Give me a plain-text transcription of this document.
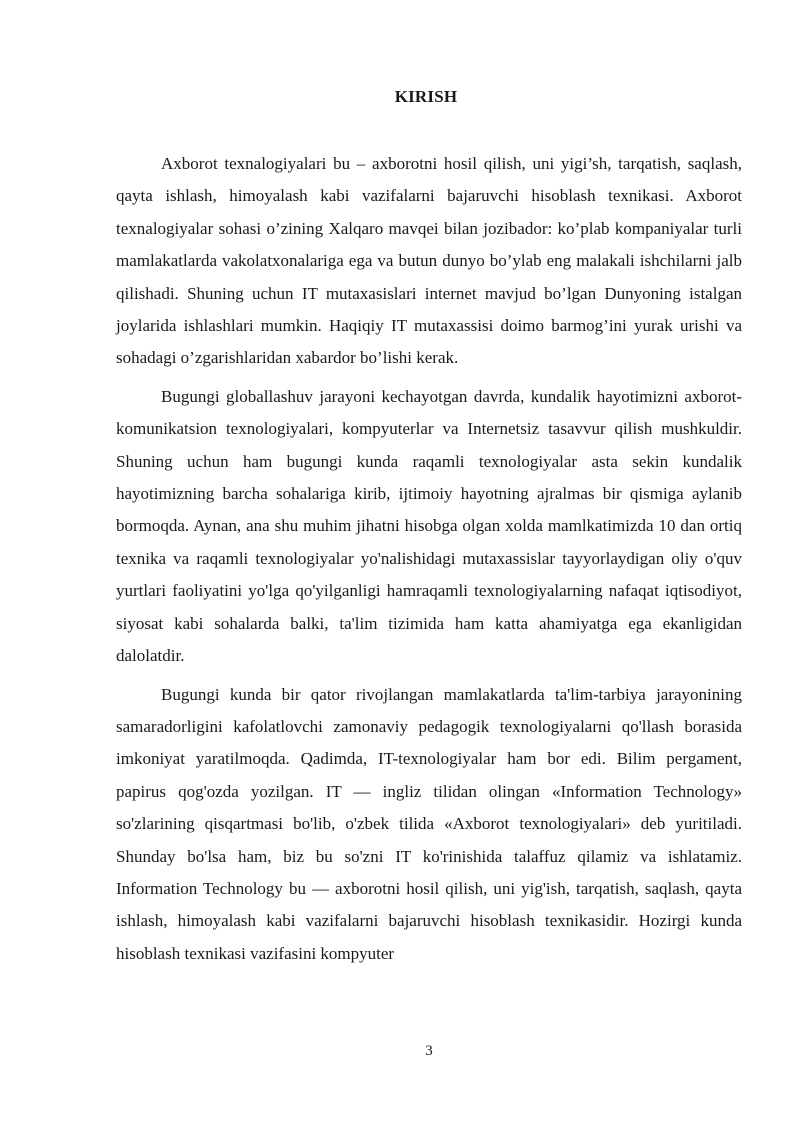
KIRISH

Axborot texnalogiyalari bu – axborotni hosil qilish, uni yigi’sh, tarqatish, saqlash, qayta ishlash, himoyalash kabi vazifalarni bajaruvchi hisoblash texnikasi. Axborot texnalogiyalar sohasi o’zining Xalqaro mavqei bilan jozibador: ko’plab kompaniyalar turli mamlakatlarda vakolatxonalariga ega va butun dunyo bo’ylab eng malakali ishchilarni jalb qilishadi. Shuning uchun IT mutaxasislari internet mavjud bo’lgan Dunyoning istalgan joylarida ishlashlari mumkin. Haqiqiy IT mutaxassisi doimo barmog’ini yurak urishi va sohadagi o’zgarishlaridan xabardor bo’lishi kerak.

Bugungi globallashuv jarayoni kechayotgan davrda, kundalik hayotimizni axborot-komunikatsion texnologiyalari, kompyuterlar va Internetsiz tasavvur qilish mushkuldir. Shuning uchun ham bugungi kunda raqamli texnologiyalar asta sekin kundalik hayotimizning barcha sohalariga kirib, ijtimoiy hayotning ajralmas bir qismiga aylanib bormoqda. Aynan, ana shu muhim jihatni hisobga olgan xolda mamlkatimizda 10 dan ortiq texnika va raqamli texnologiyalar yo'nalishidagi mutaxassislar tayyorlaydigan oliy o'quv yurtlari faoliyatini yo'lga qo'yilganligi hamraqamli texnologiyalarning nafaqat iqtisodiyot, siyosat kabi sohalarda balki, ta'lim tizimida ham katta ahamiyatga ega ekanligidan dalolatdir.

Bugungi kunda bir qator rivojlangan mamlakatlarda ta'lim-tarbiya jarayonining samaradorligini kafolatlovchi zamonaviy pedagogik texnologiyalarni qo'llash borasida imkoniyat yaratilmoqda. Qadimda, IT-texnologiyalar ham bor edi. Bilim pergament, papirus qog'ozda yozilgan. IT — ingliz tilidan olingan «Information Technology» so'zlarining qisqartmasi bo'lib, o'zbek tilida «Axborot texnologiyalari» deb yuritiladi. Shunday bo'lsa ham, biz bu so'zni IT ko'rinishida talaffuz qilamiz va ishlatamiz. Information Technology bu — axborotni hosil qilish, uni yig'ish, tarqatish, saqlash, qayta ishlash, himoyalash kabi vazifalarni bajaruvchi hisoblash texnikasidir. Hozirgi kunda hisoblash texnikasi vazifasini kompyuter

3
